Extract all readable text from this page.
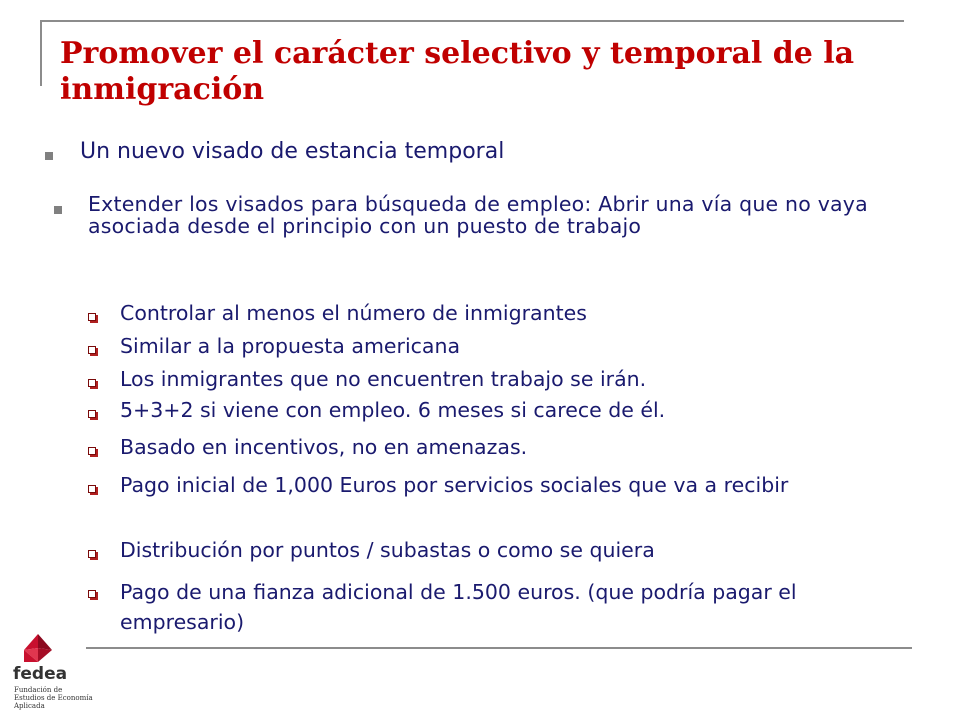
Promover el carácter selectivo y temporal de la inmigración
Un nuevo visado de estancia temporal
Extender los visados para búsqueda de empleo: Abrir una vía que no vaya asociada desde el principio con un puesto de trabajo
Controlar al menos el número de inmigrantes
Similar a la propuesta americana
Los inmigrantes que no encuentren trabajo se irán.
5+3+2 si viene con empleo. 6 meses si carece de él.
Basado en incentivos, no en amenazas.
Pago inicial de 1,000 Euros por servicios sociales que va a recibir
Distribución por puntos / subastas o como se quiera
Pago de una fianza adicional de 1.500 euros. (que podría pagar el empresario)
fedea
Fundación de Estudios de Economía Aplicada
